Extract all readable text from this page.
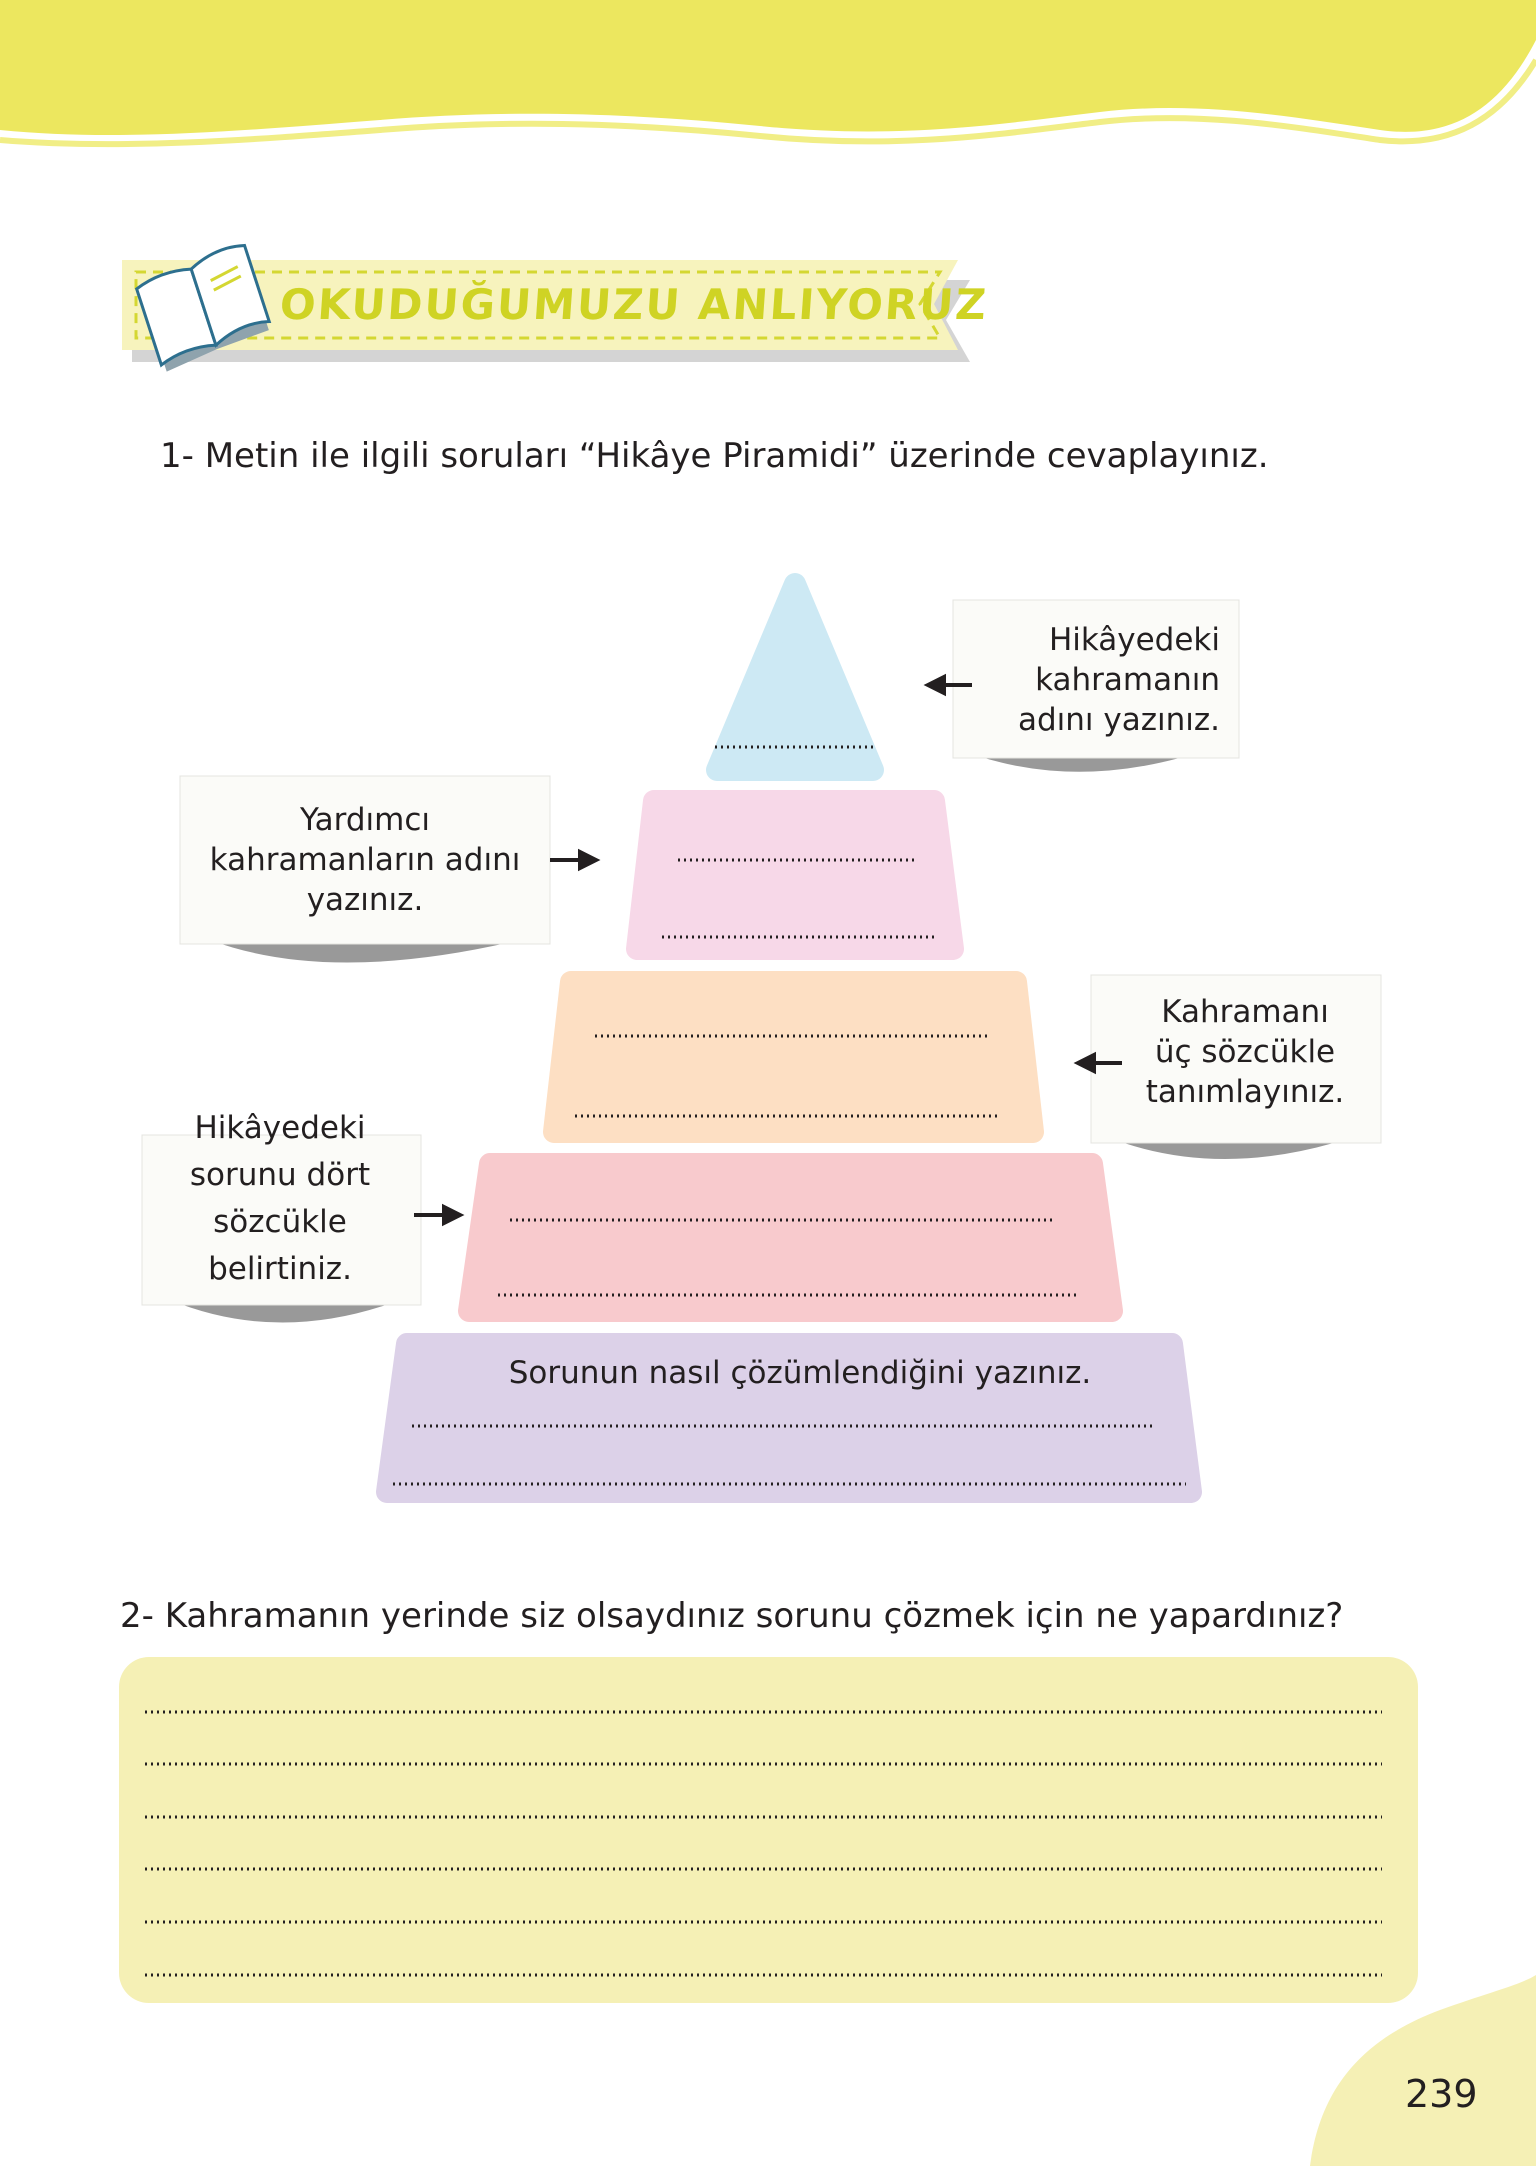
OKUDUĞUMUZU ANLIYORUZ
1- Metin ile ilgili soruları “Hikâye Piramidi” üzerinde cevaplayınız.
Hikâyedeki
kahramanın
adını yazınız.
Yardımcı
kahramanların adını
yazınız.
Kahramanı
üç sözcükle
tanımlayınız.
Hikâyedeki
sorunu dört
sözcükle
belirtiniz.
Sorunun nasıl çözümlendiğini yazınız.
2- Kahramanın yerinde siz olsaydınız sorunu çözmek için ne yapardınız?
239
